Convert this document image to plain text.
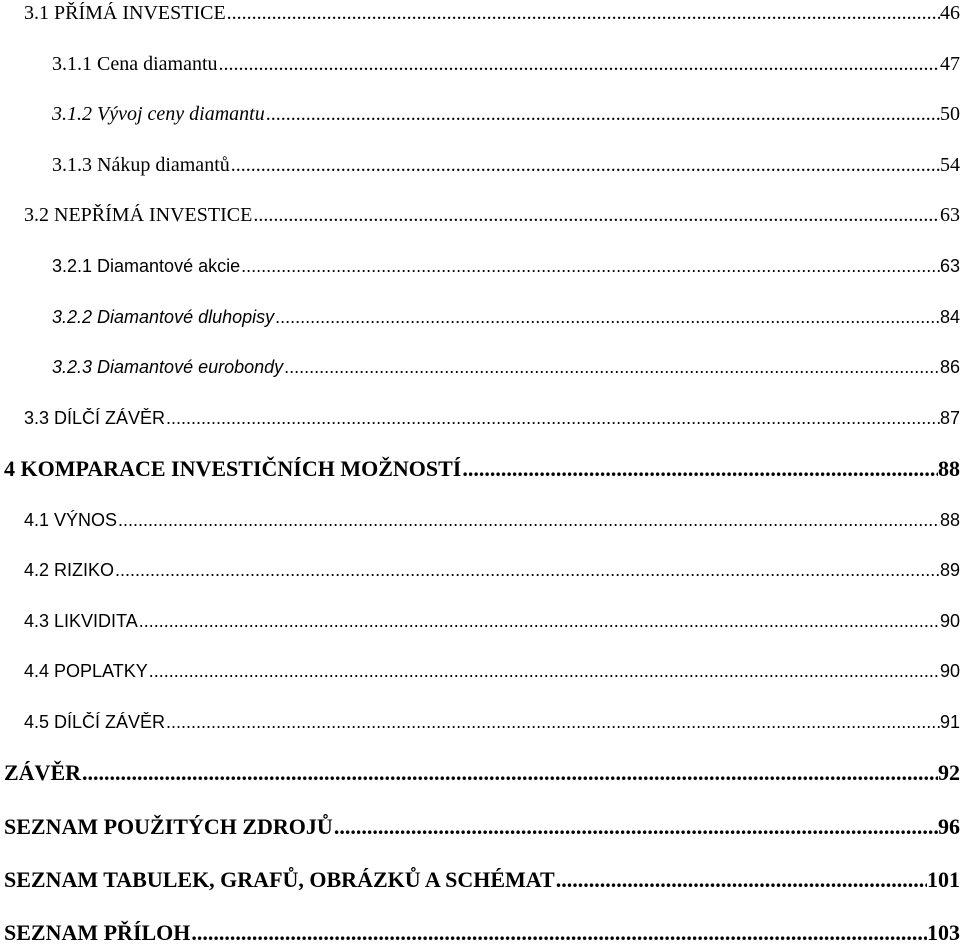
3.1 PŘÍMÁ INVESTICE .....	46
3.1.1 Cena diamantu .....	47
3.1.2 Vývoj ceny diamantu .....	50
3.1.3 Nákup diamantů .....	54
3.2 NEPŘÍMÁ INVESTICE .....	63
3.2.1 Diamantové akcie .....	63
3.2.2 Diamantové dluhopisy .....	84
3.2.3 Diamantové eurobondy .....	86
3.3 DÍLČÍ ZÁVĚR .....	87
4 KOMPARACE INVESTIČNÍCH MOŽNOSTÍ .....	88
4.1 VÝNOS .....	88
4.2 RIZIKO .....	89
4.3 LIKVIDITA .....	90
4.4 POPLATKY .....	90
4.5 DÍLČÍ ZÁVĚR .....	91
ZÁVĚR .....	92
SEZNAM POUŽITÝCH ZDROJŮ .....	96
SEZNAM TABULEK, GRAFŮ, OBRÁZKŮ A SCHÉMAT .....	101
SEZNAM PŘÍLOH .....	103
